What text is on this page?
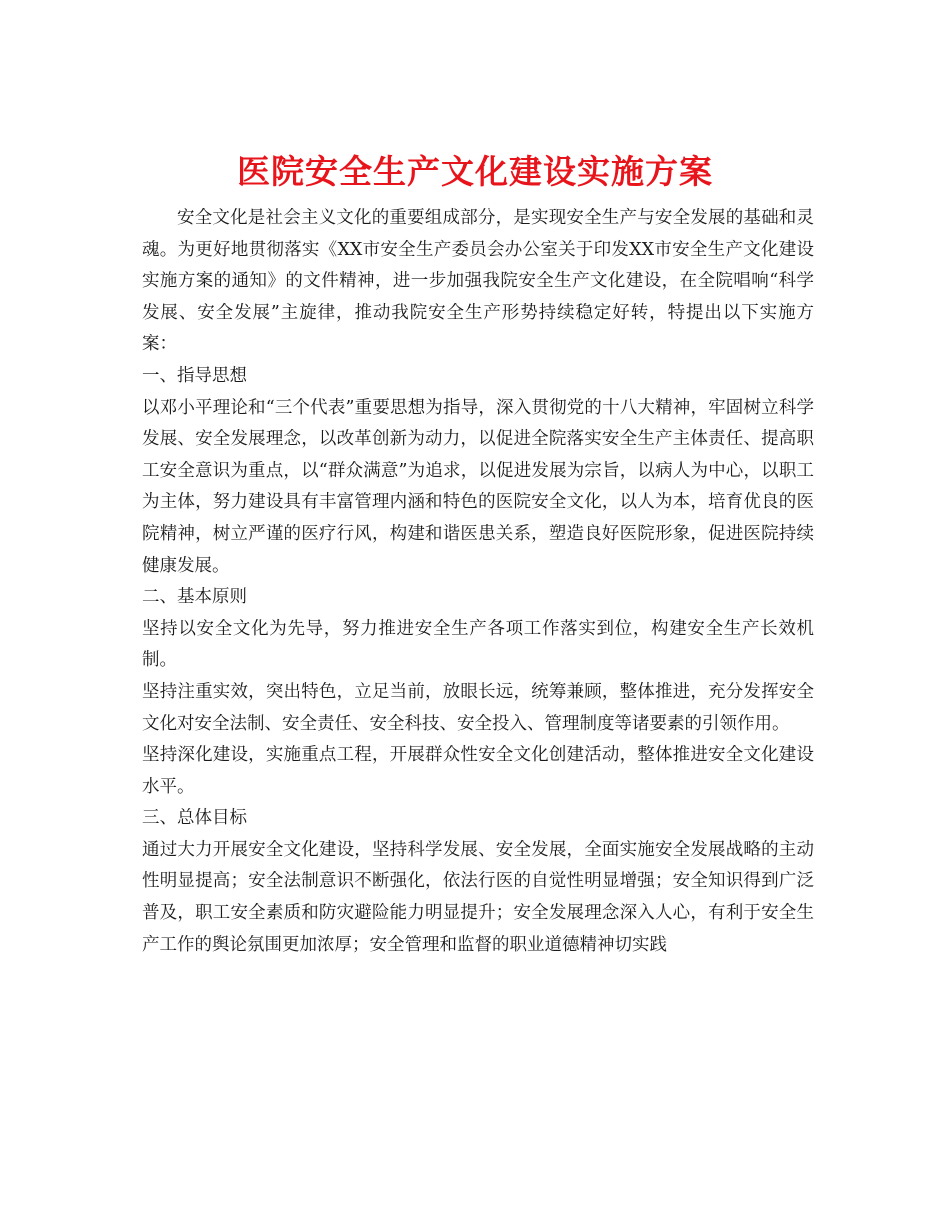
医院安全生产文化建设实施方案

安全文化是社会主义文化的重要组成部分，是实现安全生产与安全发展的基础和灵魂。为更好地贯彻落实《XX市安全生产委员会办公室关于印发XX市安全生产文化建设实施方案的通知》的文件精神，进一步加强我院安全生产文化建设，在全院唱响“科学发展、安全发展”主旋律，推动我院安全生产形势持续稳定好转，特提出以下实施方案：

一、指导思想

以邓小平理论和“三个代表”重要思想为指导，深入贯彻党的十八大精神，牢固树立科学发展、安全发展理念，以改革创新为动力，以促进全院落实安全生产主体责任、提高职工安全意识为重点，以“群众满意”为追求，以促进发展为宗旨，以病人为中心，以职工为主体，努力建设具有丰富管理内涵和特色的医院安全文化，以人为本，培育优良的医院精神，树立严谨的医疗行风，构建和谐医患关系，塑造良好医院形象，促进医院持续健康发展。

二、基本原则

坚持以安全文化为先导，努力推进安全生产各项工作落实到位，构建安全生产长效机制。

坚持注重实效，突出特色，立足当前，放眼长远，统筹兼顾，整体推进，充分发挥安全文化对安全法制、安全责任、安全科技、安全投入、管理制度等诸要素的引领作用。

坚持深化建设，实施重点工程，开展群众性安全文化创建活动，整体推进安全文化建设水平。

三、总体目标

通过大力开展安全文化建设，坚持科学发展、安全发展，全面实施安全发展战略的主动性明显提高；安全法制意识不断强化，依法行医的自觉性明显增强；安全知识得到广泛普及，职工安全素质和防灾避险能力明显提升；安全发展理念深入人心，有利于安全生产工作的舆论氛围更加浓厚；安全管理和监督的职业道德精神切实践
